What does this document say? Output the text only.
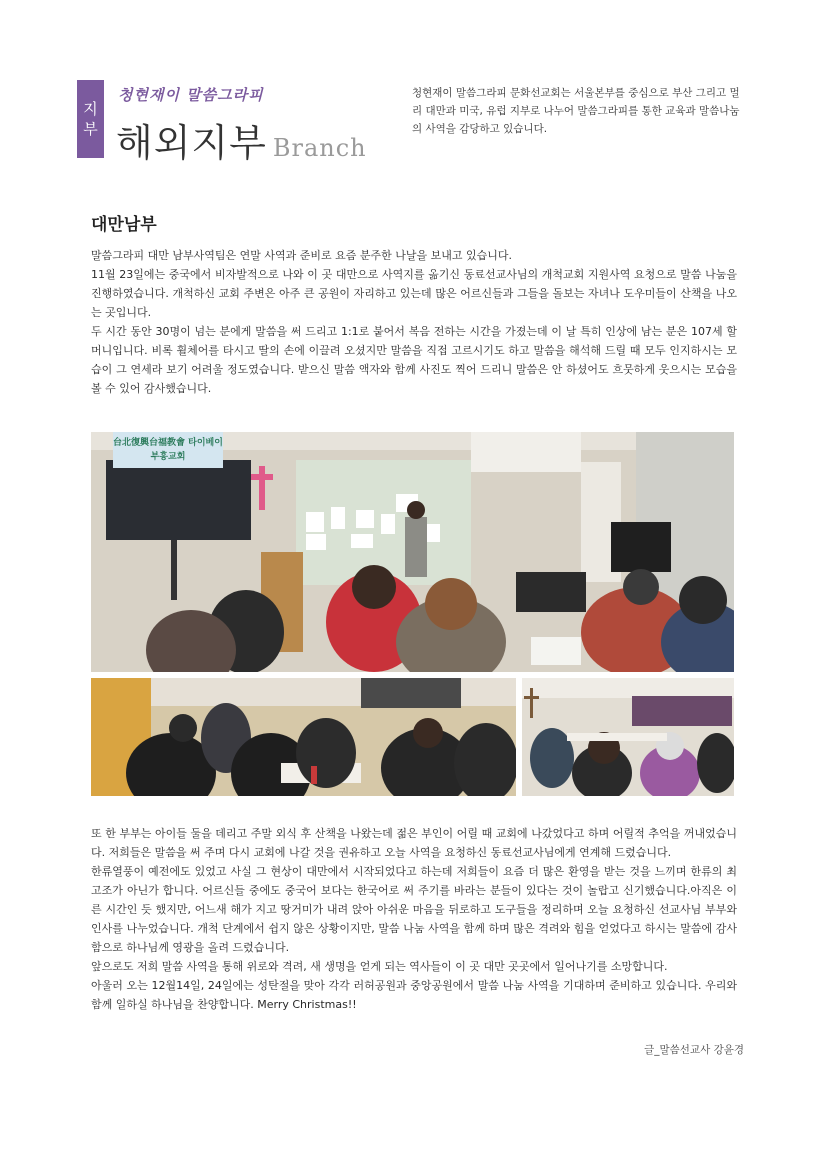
지
부
청현재이 말씀그라피
해외지부 Branch
청현재이 말씀그라피 문화선교회는 서울본부를 중심으로 부산 그리고 멀리 대만과 미국, 유럽 지부로 나누어 말씀그라피를 통한 교육과 말씀나눔의 사역을 감당하고 있습니다.
대만남부

말씀그라피 대만 남부사역팀은 연말 사역과 준비로 요즘 분주한 나날을 보내고 있습니다.

11월 23일에는 중국에서 비자발적으로 나와 이 곳 대만으로 사역지를 옮기신 동료선교사님의 개척교회 지원사역 요청으로 말씀 나눔을 진행하였습니다. 개척하신 교회 주변은 아주 큰 공원이 자리하고 있는데 많은 어르신들과 그들을 돌보는 자녀나 도우미들이 산책을 나오는 곳입니다.

두 시간 동안 30명이 넘는 분에게 말씀을 써 드리고 1:1로 붙어서 복음 전하는 시간을 가졌는데 이 날 특히 인상에 남는 분은 107세 할머니입니다. 비록 휠체어를 타시고 딸의 손에 이끌려 오셨지만 말씀을 직접 고르시기도 하고 말씀을 해석해 드릴 때 모두 인지하시는 모습이 그 연세라 보기 어려울 정도였습니다. 받으신 말씀 액자와 함께 사진도 찍어 드리니 말씀은 안 하셨어도 흐뭇하게 웃으시는 모습을 볼 수 있어 감사했습니다.

台北復興台福教會 타이베이부흥교회

또 한 부부는 아이들 둘을 데리고 주말 외식 후 산책을 나왔는데 젊은 부인이 어릴 때 교회에 나갔었다고 하며 어릴적 추억을 꺼내었습니다. 저희들은 말씀을 써 주며 다시 교회에 나갈 것을 권유하고 오늘 사역을 요청하신 동료선교사님에게 연계해 드렸습니다.

한류열풍이 예전에도 있었고 사실 그 현상이 대만에서 시작되었다고 하는데 저희들이 요즘 더 많은 환영을 받는 것을 느끼며 한류의 최고조가 아닌가 합니다. 어르신들 중에도 중국어 보다는 한국어로 써 주기를 바라는 분들이 있다는 것이 놀랍고 신기했습니다.아직은 이른 시간인 듯 했지만, 어느새 해가 지고 땅거미가 내려 앉아 아쉬운 마음을 뒤로하고 도구들을 정리하며 오늘 요청하신 선교사님 부부와 인사를 나누었습니다. 개척 단계에서 쉽지 않은 상황이지만, 말씀 나눔 사역을 함께 하며 많은 격려와 힘을 얻었다고 하시는 말씀에 감사함으로 하나님께 영광을 올려 드렸습니다.

앞으로도 저희 말씀 사역을 통해 위로와 격려, 새 생명을 얻게 되는 역사들이 이 곳 대만 곳곳에서 일어나기를 소망합니다.

아울러 오는 12월14일, 24일에는 성탄절을 맞아 각각 러허공원과 중앙공원에서 말씀 나눔 사역을 기대하며 준비하고 있습니다. 우리와 함께 일하실 하나님을 찬양합니다. Merry Christmas!!

글_말씀선교사 강윤경
